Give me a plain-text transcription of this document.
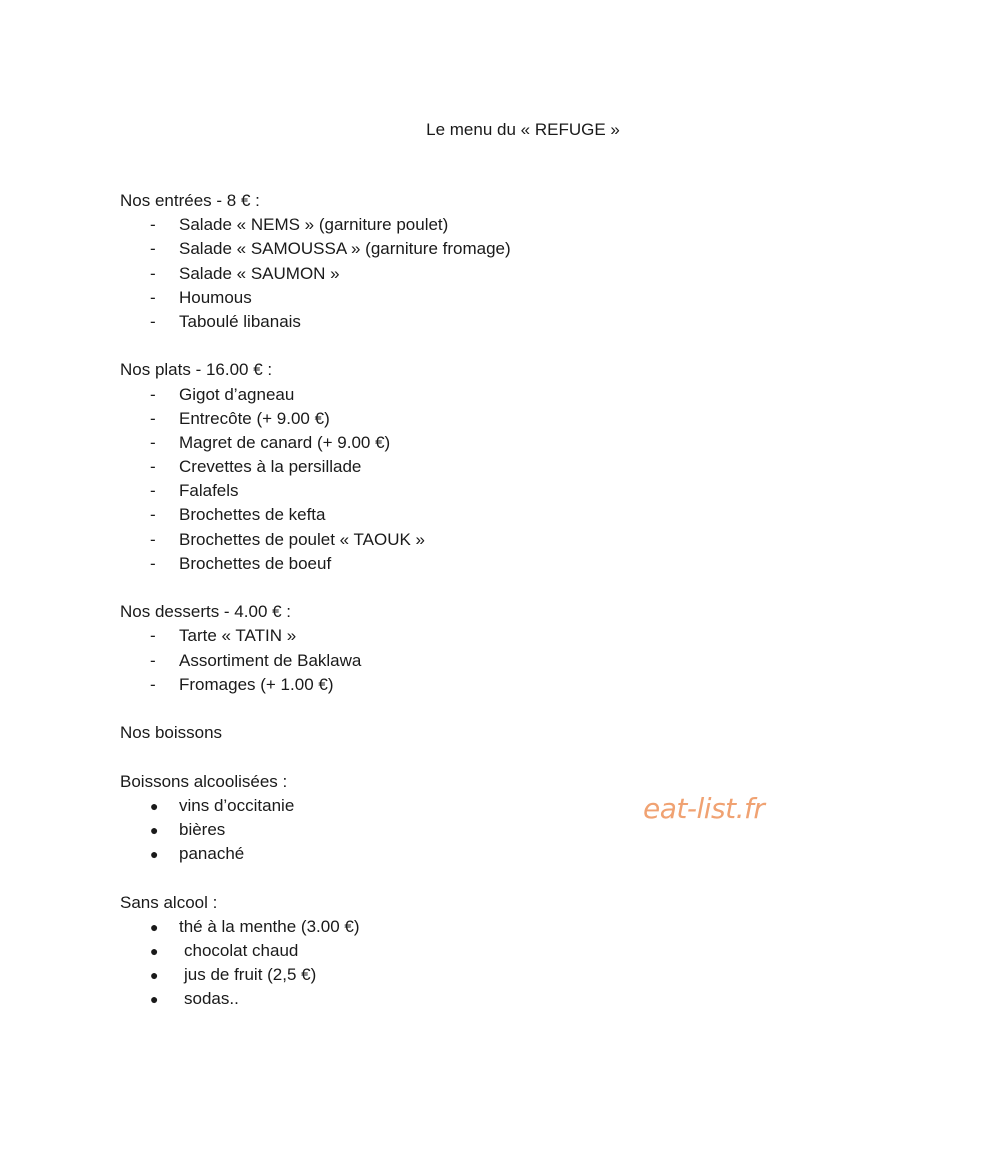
Le menu du « REFUGE »

Nos entrées - 8 € :

- Salade « NEMS » (garniture poulet)
- Salade « SAMOUSSA » (garniture fromage)
- Salade « SAUMON »
- Houmous
- Taboulé libanais

Nos plats - 16.00 € :

- Gigot d’agneau
- Entrecôte (+ 9.00 €)
- Magret de canard (+ 9.00 €)
- Crevettes à la persillade
- Falafels
- Brochettes de kefta
- Brochettes de poulet « TAOUK »
- Brochettes de boeuf

Nos desserts - 4.00 € :

- Tarte « TATIN »
- Assortiment de Baklawa
- Fromages (+ 1.00 €)

Nos boissons

Boissons alcoolisées :

● vins d’occitanie
● bières
● panaché

Sans alcool :

● thé à la menthe (3.00 €)
● chocolat chaud
● jus de fruit (2,5 €)
● sodas..
eat-list.fr
